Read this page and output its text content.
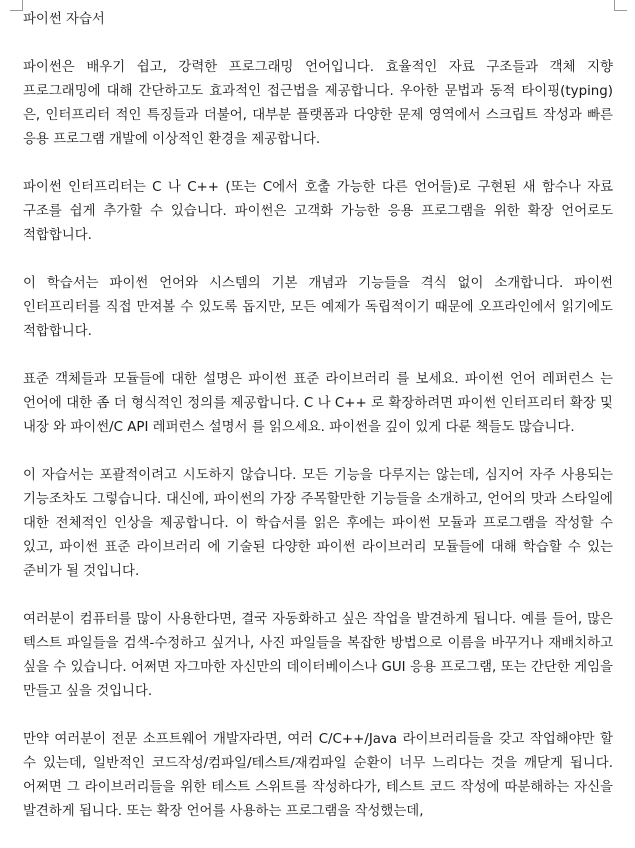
파이썬 자습서

파이썬은 배우기 쉽고, 강력한 프로그래밍 언어입니다. 효율적인 자료 구조들과 객체 지향 프로그래밍에 대해 간단하고도 효과적인 접근법을 제공합니다. 우아한 문법과 동적 타이핑(typing)은, 인터프리터 적인 특징들과 더불어, 대부분 플랫폼과 다양한 문제 영역에서 스크립트 작성과 빠른 응용 프로그램 개발에 이상적인 환경을 제공합니다.

파이썬 인터프리터는 C 나 C++ (또는 C에서 호출 가능한 다른 언어들)로 구현된 새 함수나 자료 구조를 쉽게 추가할 수 있습니다. 파이썬은 고객화 가능한 응용 프로그램을 위한 확장 언어로도 적합합니다.

이 학습서는 파이썬 언어와 시스템의 기본 개념과 기능들을 격식 없이 소개합니다. 파이썬 인터프리터를 직접 만져볼 수 있도록 돕지만, 모든 예제가 독립적이기 때문에 오프라인에서 읽기에도 적합합니다.

표준 객체들과 모듈들에 대한 설명은 파이썬 표준 라이브러리 를 보세요. 파이썬 언어 레퍼런스 는 언어에 대한 좀 더 형식적인 정의를 제공합니다. C 나 C++ 로 확장하려면 파이썬 인터프리터 확장 및 내장 와 파이썬/C API 레퍼런스 설명서 를 읽으세요. 파이썬을 깊이 있게 다룬 책들도 많습니다.

이 자습서는 포괄적이려고 시도하지 않습니다. 모든 기능을 다루지는 않는데, 심지어 자주 사용되는 기능조차도 그렇습니다. 대신에, 파이썬의 가장 주목할만한 기능들을 소개하고, 언어의 맛과 스타일에 대한 전체적인 인상을 제공합니다. 이 학습서를 읽은 후에는 파이썬 모듈과 프로그램을 작성할 수 있고, 파이썬 표준 라이브러리 에 기술된 다양한 파이썬 라이브러리 모듈들에 대해 학습할 수 있는 준비가 될 것입니다.

여러분이 컴퓨터를 많이 사용한다면, 결국 자동화하고 싶은 작업을 발견하게 됩니다. 예를 들어, 많은 텍스트 파일들을 검색-수정하고 싶거나, 사진 파일들을 복잡한 방법으로 이름을 바꾸거나 재배치하고 싶을 수 있습니다. 어쩌면 자그마한 자신만의 데이터베이스나 GUI 응용 프로그램, 또는 간단한 게임을 만들고 싶을 것입니다.

만약 여러분이 전문 소프트웨어 개발자라면, 여러 C/C++/Java 라이브러리들을 갖고 작업해야만 할 수 있는데, 일반적인 코드작성/컴파일/테스트/재컴파일 순환이 너무 느리다는 것을 깨닫게 됩니다. 어쩌면 그 라이브러리들을 위한 테스트 스위트를 작성하다가, 테스트 코드 작성에 따분해하는 자신을 발견하게 됩니다. 또는 확장 언어를 사용하는 프로그램을 작성했는데,
